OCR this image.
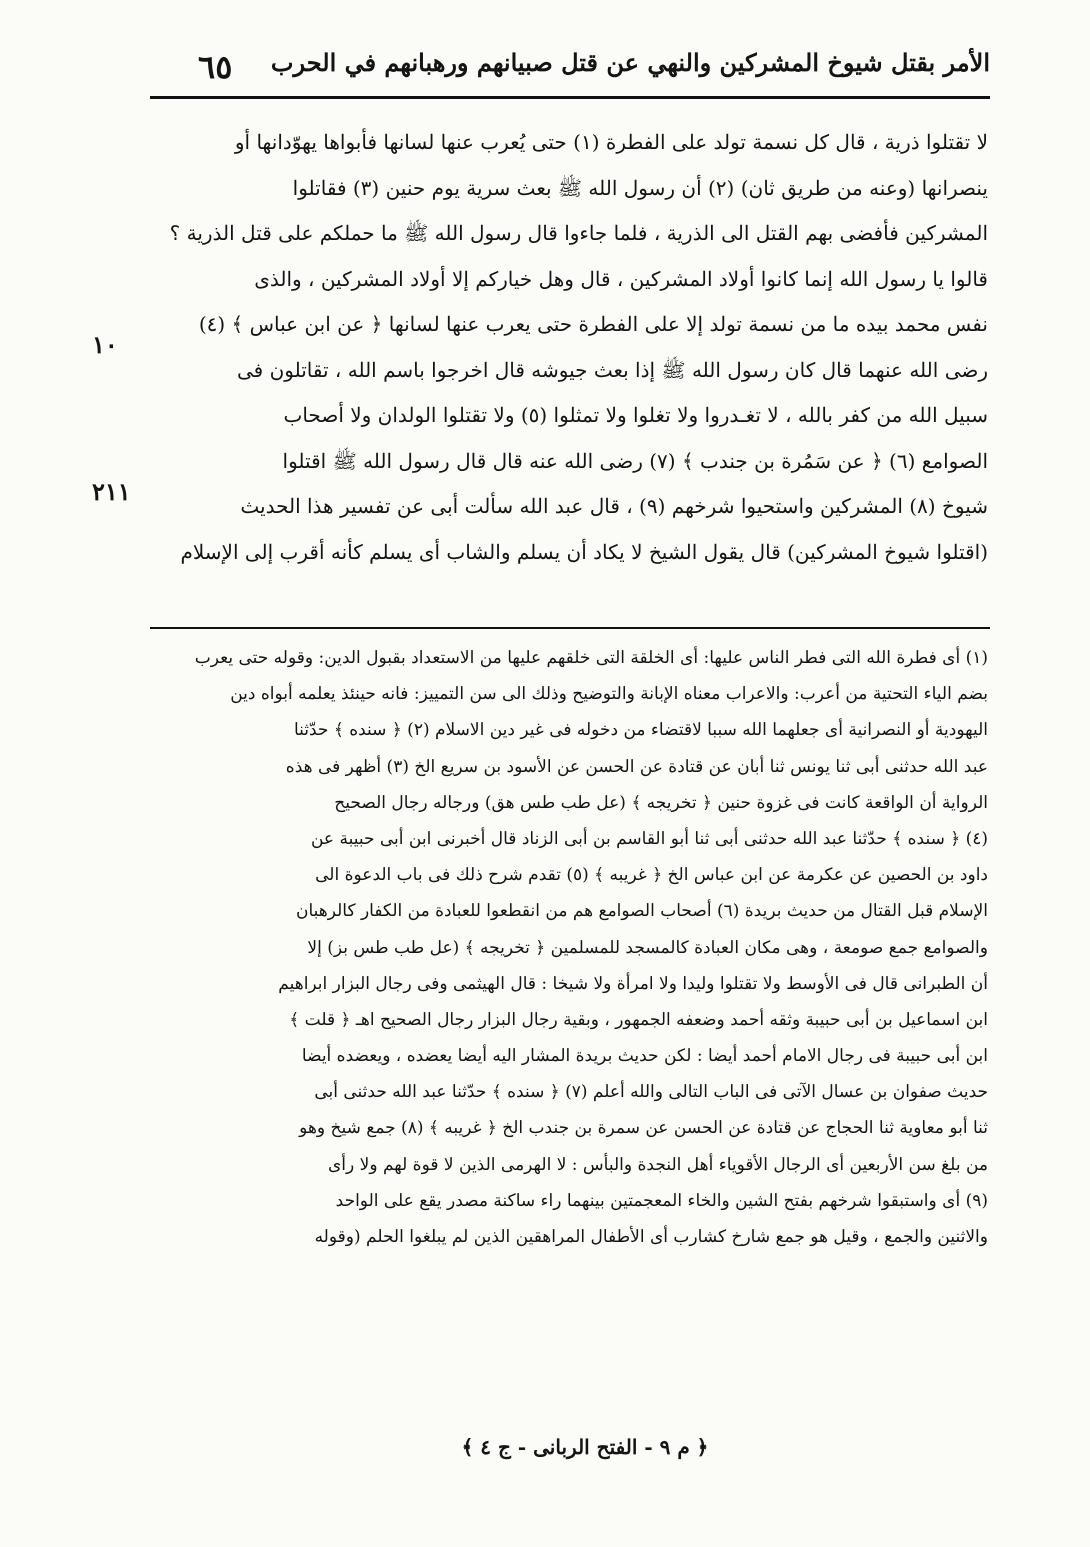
٦٥ الأمر بقتل شيوخ المشركين والنهي عن قتل صبيانهم ورهبانهم في الحرب
لا تقتلوا ذرية ، قال كل نسمة تولد على الفطرة (١) حتى يُعرب عنها لسانها فأبواها يهوّدانها أو
ينصرانها (وعنه من طريق ثان) (٢) أن رسول الله ﷺ بعث سرية يوم حنين (٣) فقاتلوا
المشركين فأفضى بهم القتل الى الذرية ، فلما جاءوا قال رسول الله ﷺ ما حملكم على قتل الذرية ؟
قالوا يا رسول الله إنما كانوا أولاد المشركين ، قال وهل خياركم إلا أولاد المشركين ، والذى
نفس محمد بيده ما من نسمة تولد إلا على الفطرة حتى يعرب عنها لسانها ﴿ عن ابن عباس ﴾ (٤)
رضى الله عنهما قال كان رسول الله ﷺ إذا بعث جيوشه قال اخرجوا باسم الله ، تقاتلون فى
سبيل الله من كفر بالله ، لا تغـدروا ولا تغلوا ولا تمثلوا (٥) ولا تقتلوا الولدان ولا أصحاب
الصوامع (٦) ﴿ عن سَمُرة بن جندب ﴾ (٧) رضى الله عنه قال قال رسول الله ﷺ اقتلوا
شيوخ (٨) المشركين واستحيوا شرخهم (٩) ، قال عبد الله سألت أبى عن تفسير هذا الحديث
(اقتلوا شيوخ المشركين) قال يقول الشيخ لا يكاد أن يسلم والشاب أى يسلم كأنه أقرب إلى الإسلام
١٠
٢١١
(١) أى فطرة الله التى فطر الناس عليها: أى الخلقة التى خلقهم عليها من الاستعداد بقبول الدين: وقوله حتى يعرب
بضم الياء التحتية من أعرب: والاعراب معناه الإبانة والتوضيح وذلك الى سن التمييز: فانه حينئذ يعلمه أبواه دين
اليهودية أو النصرانية أى جعلهما الله سببا لاقتضاء من دخوله فى غير دين الاسلام (٢) ﴿ سنده ﴾ حدّثنا
عبد الله حدثنى أبى ثنا يونس ثنا أبان عن قتادة عن الحسن عن الأسود بن سريع الخ (٣) أظهر فى هذه
الرواية أن الواقعة كانت فى غزوة حنين ﴿ تخريجه ﴾ (عل طب طس هق) ورجاله رجال الصحيح
(٤) ﴿ سنده ﴾ حدّثنا عبد الله حدثنى أبى ثنا أبو القاسم بن أبى الزناد قال أخبرنى ابن أبى حبيبة عن
داود بن الحصين عن عكرمة عن ابن عباس الخ ﴿ غريبه ﴾ (٥) تقدم شرح ذلك فى باب الدعوة الى
الإسلام قبل القتال من حديث بريدة (٦) أصحاب الصوامع هم من انقطعوا للعبادة من الكفار كالرهبان
والصوامع جمع صومعة ، وهى مكان العبادة كالمسجد للمسلمين ﴿ تخريجه ﴾ (عل طب طس بز) إلا
أن الطبرانى قال فى الأوسط ولا تقتلوا وليدا ولا امرأة ولا شيخا : قال الهيثمى وفى رجال البزار ابراهيم
ابن اسماعيل بن أبى حبيبة وثقه أحمد وضعفه الجمهور ، وبقية رجال البزار رجال الصحيح اهـ ﴿ قلت ﴾
ابن أبى حبيبة فى رجال الامام أحمد أيضا : لكن حديث بريدة المشار اليه أيضا يعضده ، ويعضده أيضا
حديث صفوان بن عسال الآتى فى الباب التالى والله أعلم (٧) ﴿ سنده ﴾ حدّثنا عبد الله حدثنى أبى
ثنا أبو معاوية ثنا الحجاج عن قتادة عن الحسن عن سمرة بن جندب الخ ﴿ غريبه ﴾ (٨) جمع شيخ وهو
من بلغ سن الأربعين أى الرجال الأقوياء أهل النجدة والبأس : لا الهرمى الذين لا قوة لهم ولا رأى
(٩) أى واستبقوا شرخهم بفتح الشين والخاء المعجمتين بينهما راء ساكنة مصدر يقع على الواحد
والاثنين والجمع ، وقيل هو جمع شارخ كشارب أى الأطفال المراهقين الذين لم يبلغوا الحلم (وقوله
﴿ م ٩ - الفتح الربانى - ج ٤ ﴾
